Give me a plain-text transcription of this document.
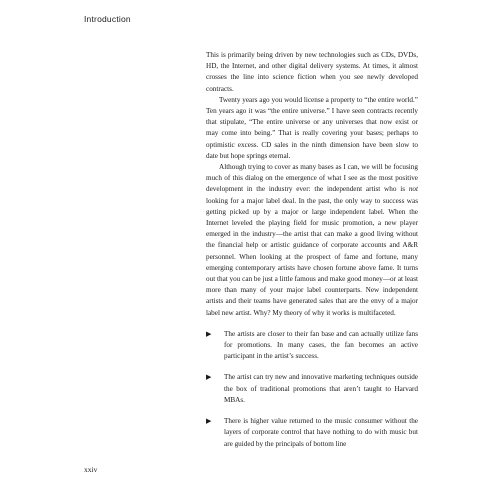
Introduction

This is primarily being driven by new technologies such as CDs, DVDs, HD, the Internet, and other digital delivery systems. At times, it almost crosses the line into science fiction when you see newly developed contracts.

Twenty years ago you would license a property to “the entire world.” Ten years ago it was “the entire universe.” I have seen contracts recently that stipulate, “The entire universe or any universes that now exist or may come into being.” That is really covering your bases; perhaps to optimistic excess. CD sales in the ninth dimension have been slow to date but hope springs eternal.

Although trying to cover as many bases as I can, we will be focusing much of this dialog on the emergence of what I see as the most positive development in the industry ever: the independent artist who is not looking for a major label deal. In the past, the only way to success was getting picked up by a major or large independent label. When the Internet leveled the playing field for music promotion, a new player emerged in the industry—the artist that can make a good living without the financial help or artistic guidance of corporate accounts and A&R personnel. When looking at the prospect of fame and fortune, many emerging contemporary artists have chosen fortune above fame. It turns out that you can be just a little famous and make good money—or at least more than many of your major label counterparts. New independent artists and their teams have generated sales that are the envy of a major label new artist. Why? My theory of why it works is multifaceted.

▶ The artists are closer to their fan base and can actually utilize fans for promotions. In many cases, the fan becomes an active participant in the artist’s success.
▶ The artist can try new and innovative marketing techniques outside the box of traditional promotions that aren’t taught to Harvard MBAs.
▶ There is higher value returned to the music consumer without the layers of corporate control that have nothing to do with music but are guided by the principals of bottom line
xxiv
